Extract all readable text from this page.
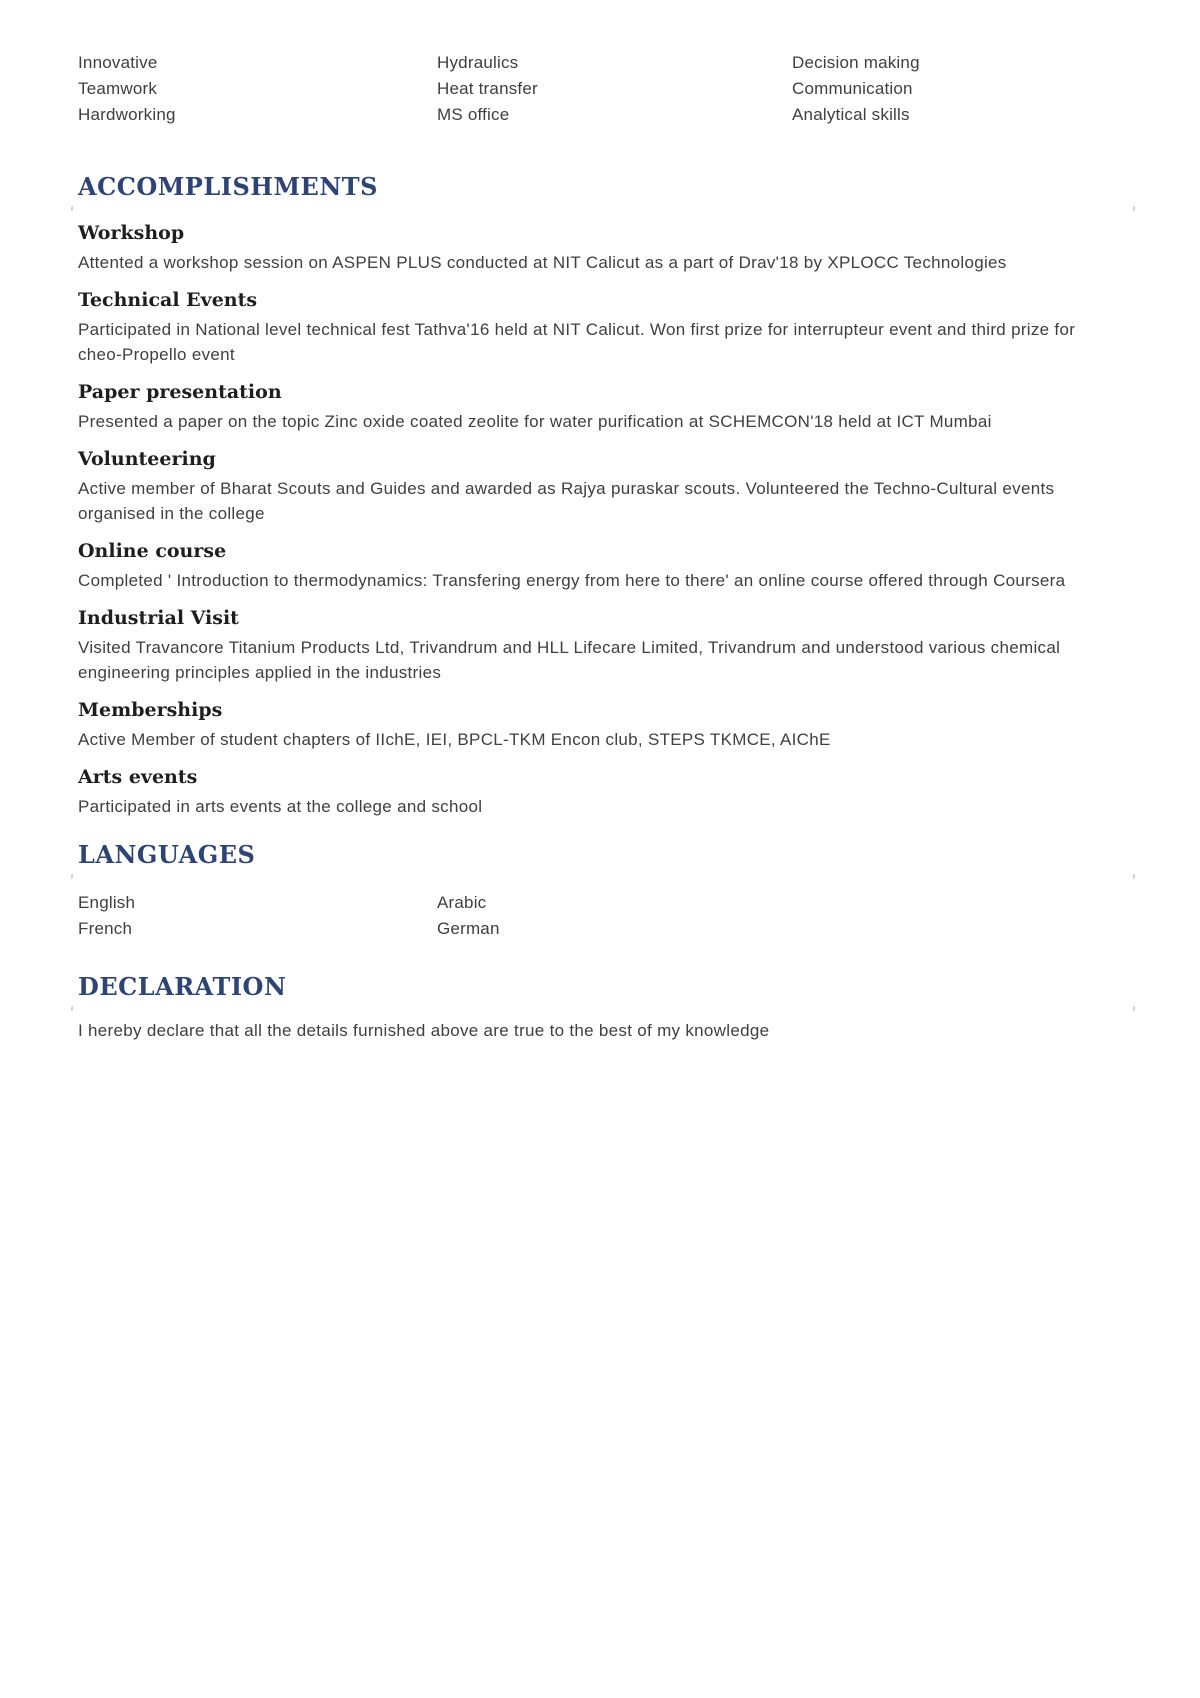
Innovative
Teamwork
Hardworking
Hydraulics
Heat transfer
MS office
Decision making
Communication
Analytical skills
ACCOMPLISHMENTS
Workshop

Attented a workshop session on ASPEN PLUS conducted at NIT Calicut as a part of Drav'18 by XPLOCC Technologies

Technical Events

Participated in National level technical fest Tathva'16 held at NIT Calicut. Won first prize for interrupteur event and third prize for cheo-Propello event

Paper presentation

Presented a paper on the topic Zinc oxide coated zeolite for water purification at SCHEMCON'18 held at ICT Mumbai

Volunteering

Active member of Bharat Scouts and Guides and awarded as Rajya puraskar scouts. Volunteered the Techno-Cultural events organised in the college

Online course

Completed ' Introduction to thermodynamics: Transfering energy from here to there' an online course offered through Coursera

Industrial Visit

Visited Travancore Titanium Products Ltd, Trivandrum and HLL Lifecare Limited, Trivandrum and understood various chemical engineering principles applied in the industries

Memberships

Active Member of student chapters of IIchE, IEI, BPCL-TKM Encon club, STEPS TKMCE, AIChE

Arts events

Participated in arts events at the college and school

LANGUAGES
English
French
Arabic
German
DECLARATION

I hereby declare that all the details furnished above are true to the best of my knowledge
